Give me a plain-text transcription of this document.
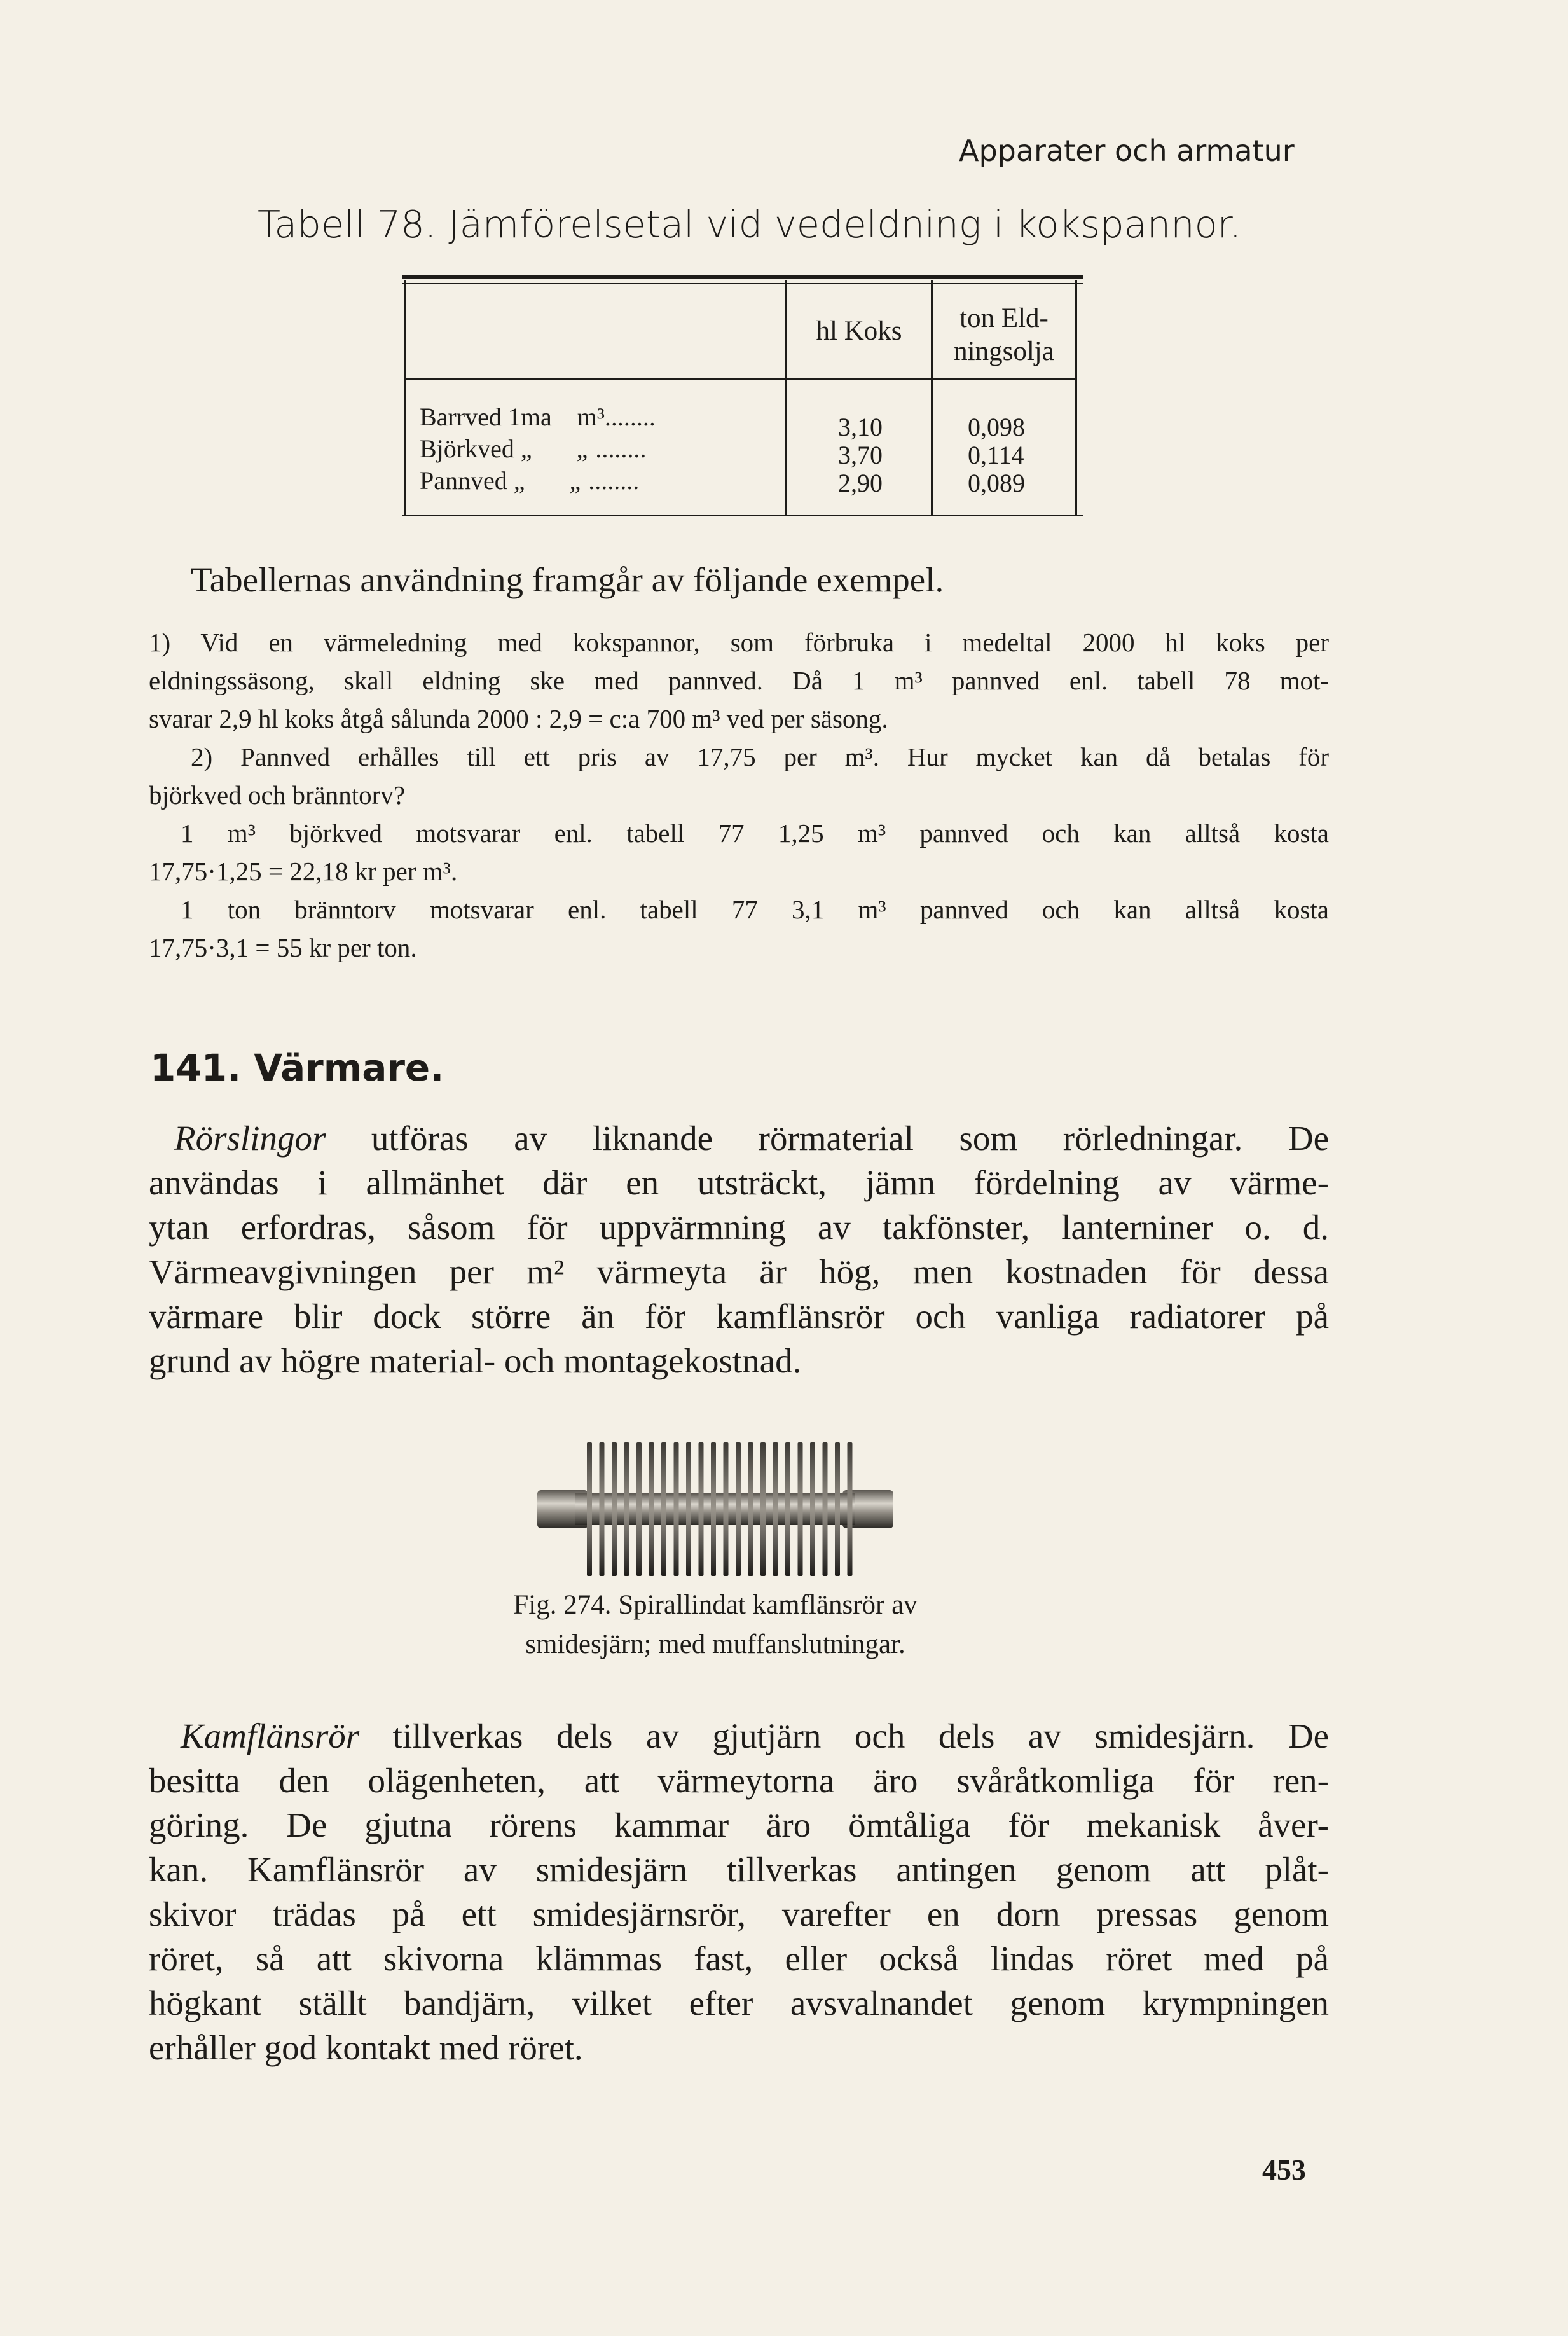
Apparater och armatur
Tabell 78. Jämförelsetal vid vedeldning i kokspannor.
hl Koks	ton Eld-
ningsolja
Barrved 1ma m³........
Björkved „ „ ........
Pannved „ „ ........
3,10
3,70
2,90
0,098
0,114
0,089
Tabellernas användning framgår av följande exempel.
1) Vid en värmeledning med kokspannor, som förbruka i medeltal 2000 hl koks per
eldningssäsong, skall eldning ske med pannved. Då 1 m³ pannved enl. tabell 78 mot-
svarar 2,9 hl koks åtgå sålunda 2000 : 2,9 = c:a 700 m³ ved per säsong.
2) Pannved erhålles till ett pris av 17,75 per m³. Hur mycket kan då betalas för
björkved och bränntorv?
1 m³ björkved motsvarar enl. tabell 77 1,25 m³ pannved och kan alltså kosta
17,75·1,25 = 22,18 kr per m³.
1 ton bränntorv motsvarar enl. tabell 77 3,1 m³ pannved och kan alltså kosta
17,75·3,1 = 55 kr per ton.
141. Värmare.
Rörslingor utföras av liknande rörmaterial som rörledningar. De
användas i allmänhet där en utsträckt, jämn fördelning av värme-
ytan erfordras, såsom för uppvärmning av takfönster, lanterniner o. d.
Värmeavgivningen per m² värmeyta är hög, men kostnaden för dessa
värmare blir dock större än för kamflänsrör och vanliga radiatorer på
grund av högre material- och montagekostnad.
Fig. 274. Spirallindat kamflänsrör av
smidesjärn; med muffanslutningar.
Kamflänsrör tillverkas dels av gjutjärn och dels av smidesjärn. De
besitta den olägenheten, att värmeytorna äro svåråtkomliga för ren-
göring. De gjutna rörens kammar äro ömtåliga för mekanisk åver-
kan. Kamflänsrör av smidesjärn tillverkas antingen genom att plåt-
skivor trädas på ett smidesjärnsrör, varefter en dorn pressas genom
röret, så att skivorna klämmas fast, eller också lindas röret med på
högkant ställt bandjärn, vilket efter avsvalnandet genom krympningen
erhåller god kontakt med röret.
453
